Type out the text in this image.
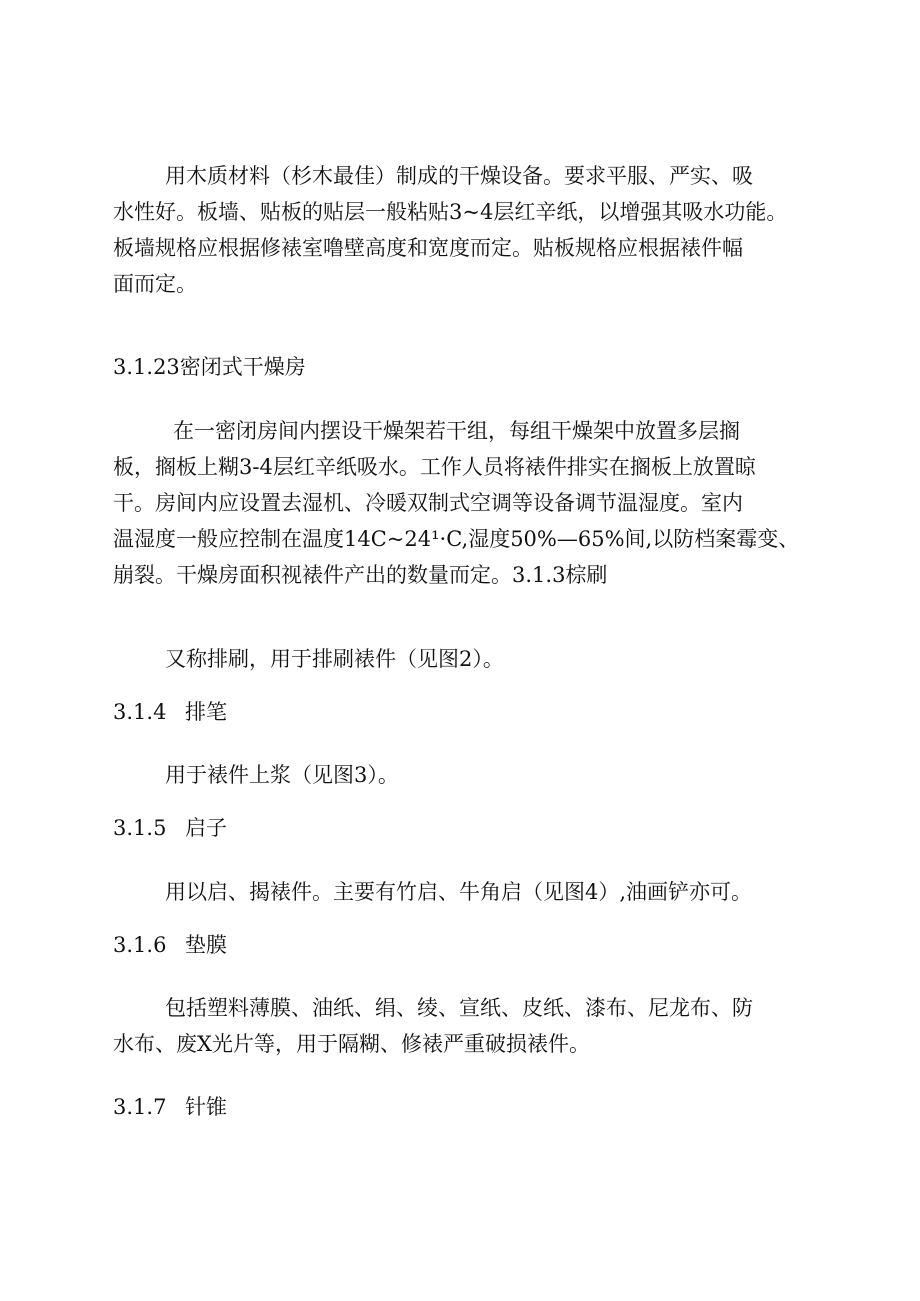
用木质材料（杉木最佳）制成的干燥设备。要求平服、严实、吸
水性好。板墙、贴板的贴层一般粘贴3~4层红辛纸，以增强其吸水功能。
板墙规格应根据修裱室噜壁高度和宽度而定。贴板规格应根据裱件幅
面而定。
3.1.23密闭式干燥房
在一密闭房间内摆设干燥架若干组，每组干燥架中放置多层搁
板，搁板上糊3-4层红辛纸吸水。工作人员将裱件排实在搁板上放置晾
干。房间内应设置去湿机、冷暖双制式空调等设备调节温湿度。室内
温湿度一般应控制在温度14C~24¹·C,湿度50%—65%间,以防档案霉变、
崩裂。干燥房面积视裱件产出的数量而定。3.1.3棕刷
又称排刷，用于排刷裱件（见图2）。
3.1.4 排笔
用于裱件上浆（见图3）。
3.1.5 启子
用以启、揭裱件。主要有竹启、牛角启（见图4）,油画铲亦可。
3.1.6 垫膜
包括塑料薄膜、油纸、绢、绫、宣纸、皮纸、漆布、尼龙布、防
水布、废X光片等，用于隔糊、修裱严重破损裱件。
3.1.7 针锥
